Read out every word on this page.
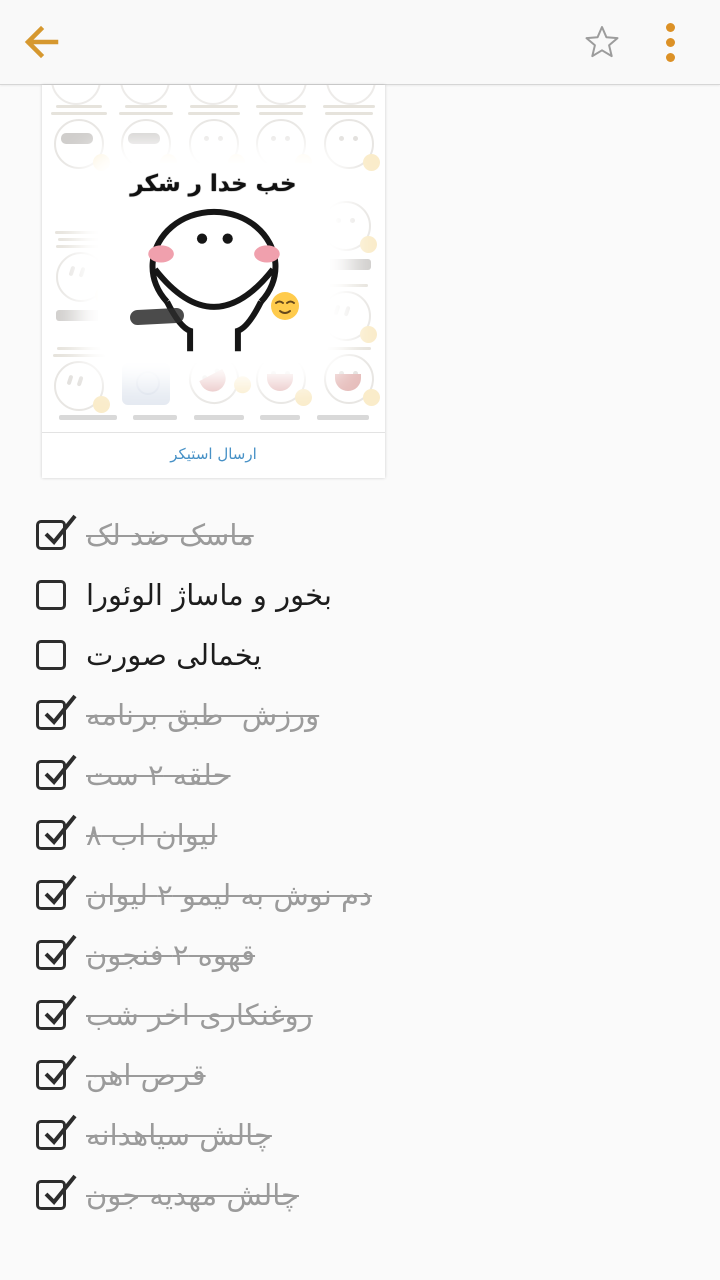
خب خدا ر شکر
ارسال استیکر
ماسک ضد لک
بخور و ماساژ الوئورا
یخمالی صورت
ورزش  طبق برنامه
حلقه ۲ ست
لیوان اب ۸
دم نوش به لیمو ۲ لیوان
قهوه ۲ فنجون
روغنکاری اخر شب
قرص اهن
چالش سیاهدانه
چالش مهدیه جون
